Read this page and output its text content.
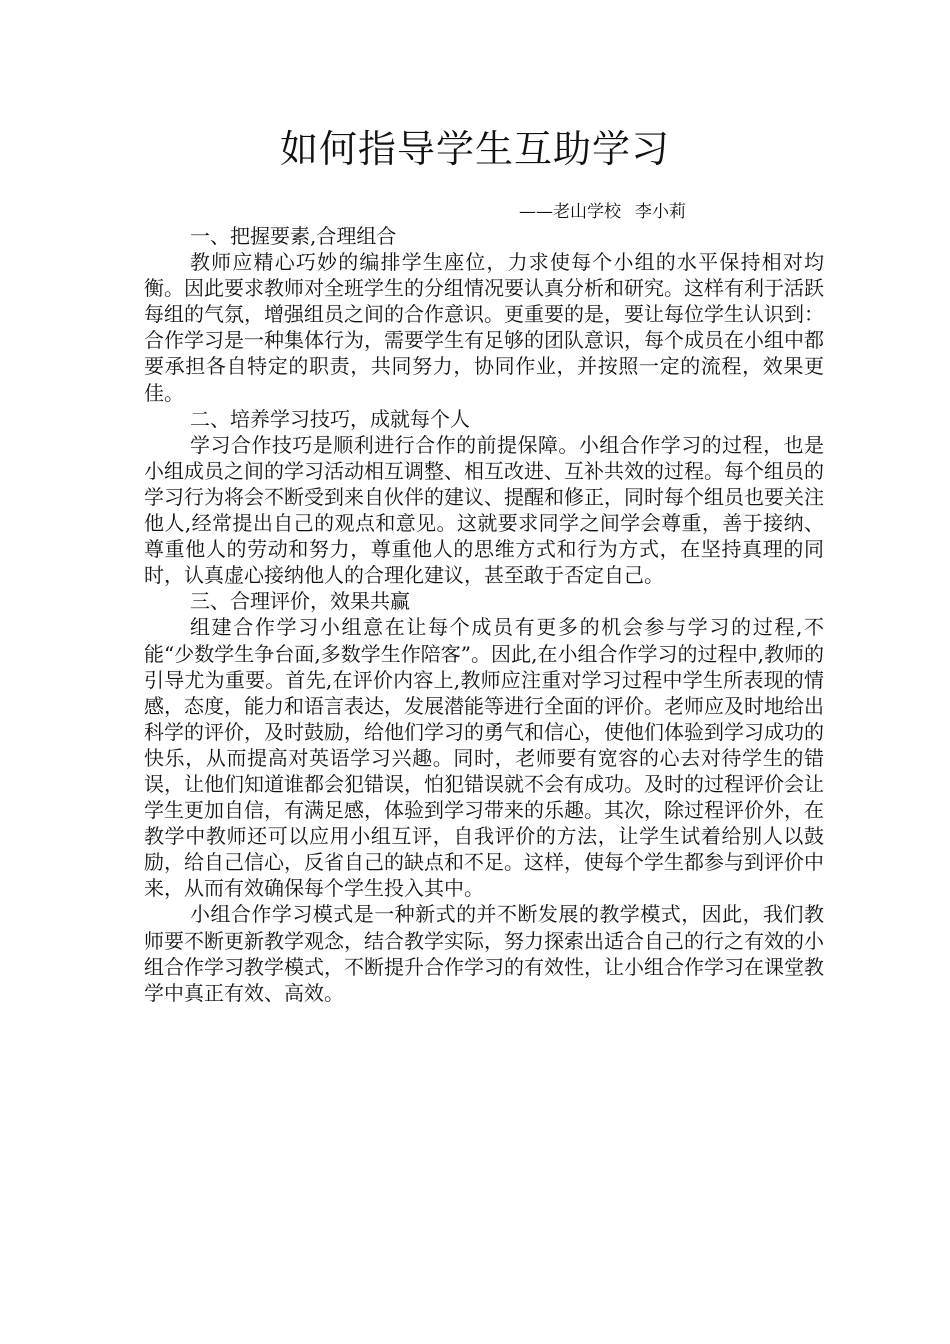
如何指导学生互助学习

——老山学校 李小莉

一、把握要素,合理组合

教师应精心巧妙的编排学生座位，力求使每个小组的水平保持相对均衡。因此要求教师对全班学生的分组情况要认真分析和研究。这样有利于活跃每组的气氛，增强组员之间的合作意识。更重要的是，要让每位学生认识到：合作学习是一种集体行为，需要学生有足够的团队意识，每个成员在小组中都要承担各自特定的职责，共同努力，协同作业，并按照一定的流程，效果更佳。

二、培养学习技巧，成就每个人

学习合作技巧是顺利进行合作的前提保障。小组合作学习的过程，也是小组成员之间的学习活动相互调整、相互改进、互补共效的过程。每个组员的学习行为将会不断受到来自伙伴的建议、提醒和修正，同时每个组员也要关注他人,经常提出自己的观点和意见。这就要求同学之间学会尊重，善于接纳、尊重他人的劳动和努力，尊重他人的思维方式和行为方式，在坚持真理的同时，认真虚心接纳他人的合理化建议，甚至敢于否定自己。

三、合理评价，效果共赢

组建合作学习小组意在让每个成员有更多的机会参与学习的过程,不能“少数学生争台面,多数学生作陪客”。因此,在小组合作学习的过程中,教师的引导尤为重要。首先,在评价内容上,教师应注重对学习过程中学生所表现的情感，态度，能力和语言表达，发展潜能等进行全面的评价。老师应及时地给出科学的评价，及时鼓励，给他们学习的勇气和信心，使他们体验到学习成功的快乐，从而提高对英语学习兴趣。同时，老师要有宽容的心去对待学生的错误，让他们知道谁都会犯错误，怕犯错误就不会有成功。及时的过程评价会让学生更加自信，有满足感，体验到学习带来的乐趣。其次，除过程评价外，在教学中教师还可以应用小组互评，自我评价的方法，让学生试着给别人以鼓励，给自己信心，反省自己的缺点和不足。这样，使每个学生都参与到评价中来，从而有效确保每个学生投入其中。

小组合作学习模式是一种新式的并不断发展的教学模式，因此，我们教师要不断更新教学观念，结合教学实际，努力探索出适合自己的行之有效的小组合作学习教学模式，不断提升合作学习的有效性，让小组合作学习在课堂教学中真正有效、高效。
